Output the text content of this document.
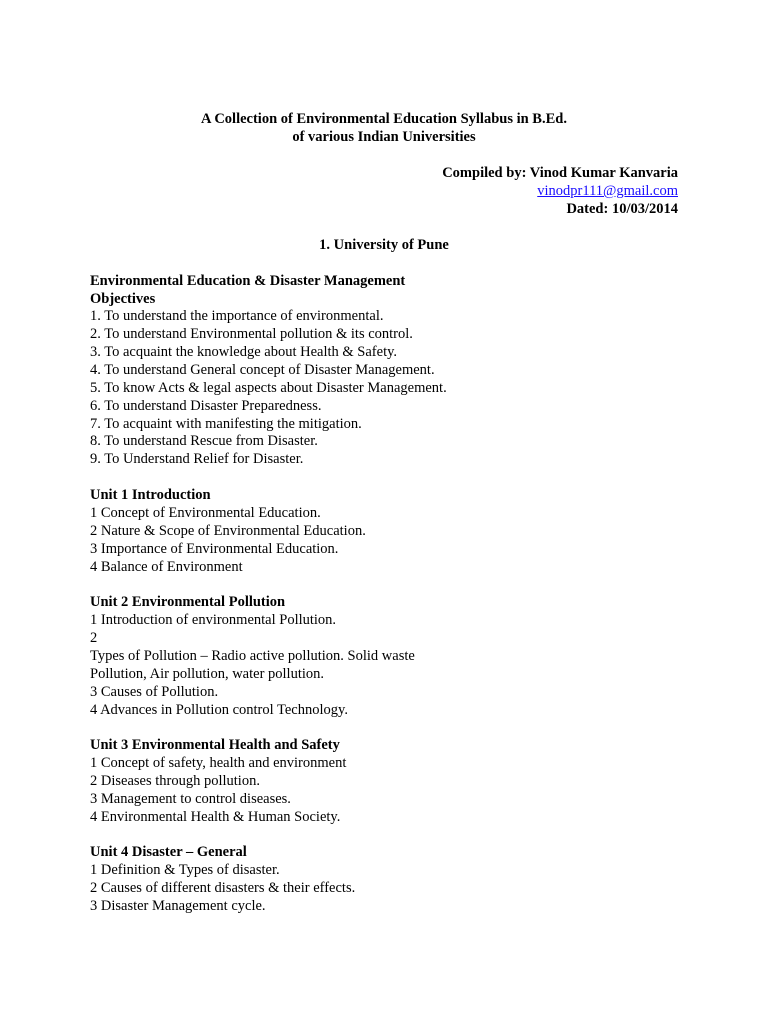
A Collection of Environmental Education Syllabus in B.Ed.
of various Indian Universities
Compiled by: Vinod Kumar Kanvaria
vinodpr111@gmail.com
Dated: 10/03/2014
1. University of Pune
Environmental Education & Disaster Management
Objectives
1. To understand the importance of environmental.
2. To understand Environmental pollution & its control.
3. To acquaint the knowledge about Health & Safety.
4. To understand General concept of Disaster Management.
5. To know Acts & legal aspects about Disaster Management.
6. To understand Disaster Preparedness.
7. To acquaint with manifesting the mitigation.
8. To understand Rescue from Disaster.
9. To Understand Relief for Disaster.
Unit 1 Introduction
1 Concept of Environmental Education.
2 Nature & Scope of Environmental Education.
3 Importance of Environmental Education.
4 Balance of Environment
Unit 2 Environmental Pollution
1 Introduction of environmental Pollution.
2
Types of Pollution – Radio active pollution. Solid waste
Pollution, Air pollution, water pollution.
3 Causes of Pollution.
4 Advances in Pollution control Technology.
Unit 3 Environmental Health and Safety
1 Concept of safety, health and environment
2 Diseases through pollution.
3 Management to control diseases.
4 Environmental Health & Human Society.
Unit 4 Disaster – General
1 Definition & Types of disaster.
2 Causes of different disasters & their effects.
3 Disaster Management cycle.
